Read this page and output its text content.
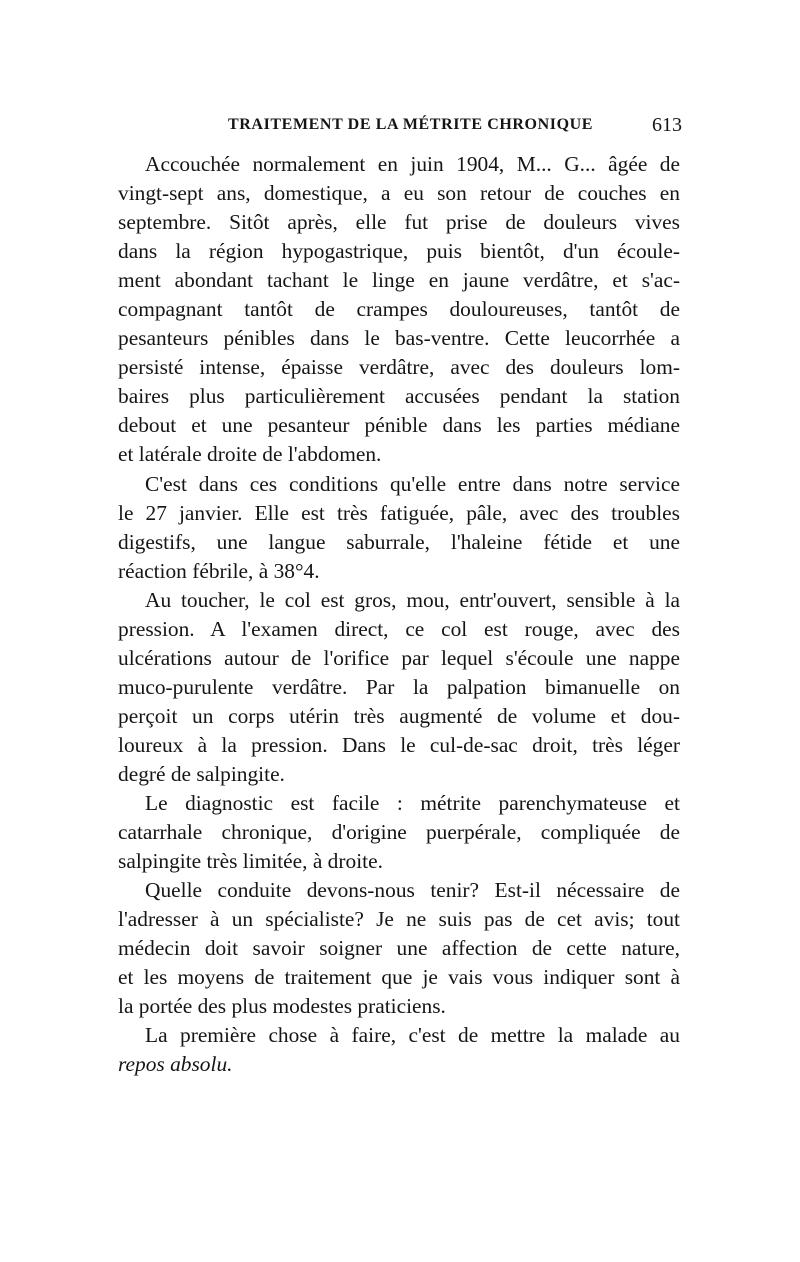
TRAITEMENT DE LA MÉTRITE CHRONIQUE	613
Accouchée normalement en juin 1904, M... G... âgée de
vingt-sept ans, domestique, a eu son retour de couches en
septembre. Sitôt après, elle fut prise de douleurs vives
dans la région hypogastrique, puis bientôt, d'un écoule-
ment abondant tachant le linge en jaune verdâtre, et s'ac-
compagnant tantôt de crampes douloureuses, tantôt de
pesanteurs pénibles dans le bas-ventre. Cette leucorrhée a
persisté intense, épaisse verdâtre, avec des douleurs lom-
baires plus particulièrement accusées pendant la station
debout et une pesanteur pénible dans les parties médiane
et latérale droite de l'abdomen.
C'est dans ces conditions qu'elle entre dans notre service
le 27 janvier. Elle est très fatiguée, pâle, avec des troubles
digestifs, une langue saburrale, l'haleine fétide et une
réaction fébrile, à 38°4.
Au toucher, le col est gros, mou, entr'ouvert, sensible à la
pression. A l'examen direct, ce col est rouge, avec des
ulcérations autour de l'orifice par lequel s'écoule une nappe
muco-purulente verdâtre. Par la palpation bimanuelle on
perçoit un corps utérin très augmenté de volume et dou-
loureux à la pression. Dans le cul-de-sac droit, très léger
degré de salpingite.
Le diagnostic est facile : métrite parenchymateuse et
catarrhale chronique, d'origine puerpérale, compliquée de
salpingite très limitée, à droite.
Quelle conduite devons-nous tenir? Est-il nécessaire de
l'adresser à un spécialiste? Je ne suis pas de cet avis; tout
médecin doit savoir soigner une affection de cette nature,
et les moyens de traitement que je vais vous indiquer sont à
la portée des plus modestes praticiens.
La première chose à faire, c'est de mettre la malade au
repos absolu.
